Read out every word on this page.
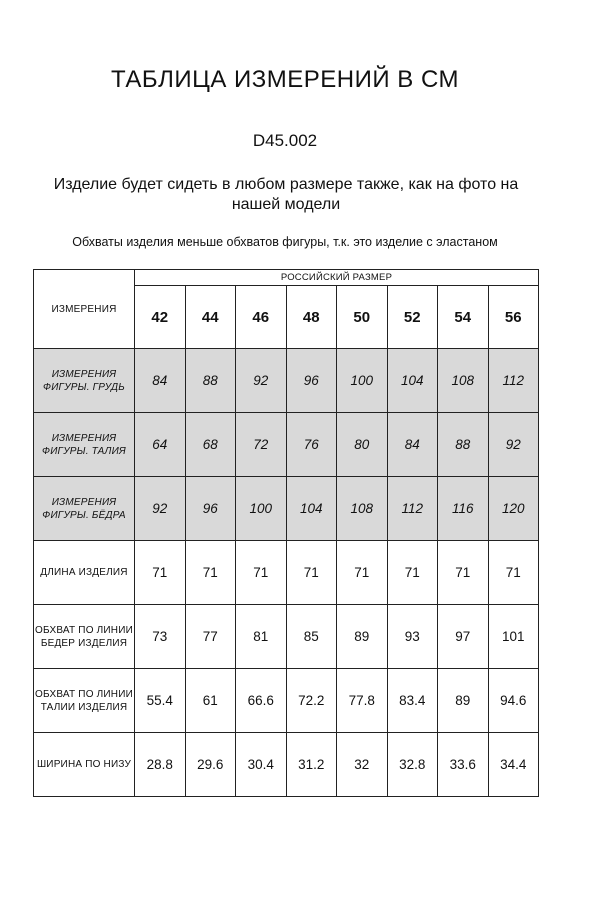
ТАБЛИЦА ИЗМЕРЕНИЙ В СМ
D45.002
Изделие будет сидеть в любом размере также, как на фото на нашей модели
Обхваты изделия меньше обхватов фигуры, т.к. это изделие с эластаном
ИЗМЕРЕНИЯ	РОССИЙСКИЙ РАЗМЕР							
	42	44	46	48	50	52	54	56
ИЗМЕРЕНИЯ ФИГУРЫ. ГРУДЬ	84	88	92	96	100	104	108	112
ИЗМЕРЕНИЯ ФИГУРЫ. ТАЛИЯ	64	68	72	76	80	84	88	92
ИЗМЕРЕНИЯ ФИГУРЫ. БЁДРА	92	96	100	104	108	112	116	120
ДЛИНА ИЗДЕЛИЯ	71	71	71	71	71	71	71	71
ОБХВАТ ПО ЛИНИИ БЕДЕР ИЗДЕЛИЯ	73	77	81	85	89	93	97	101
ОБХВАТ ПО ЛИНИИ ТАЛИИ ИЗДЕЛИЯ	55.4	61	66.6	72.2	77.8	83.4	89	94.6
ШИРИНА ПО НИЗУ	28.8	29.6	30.4	31.2	32	32.8	33.6	34.4
